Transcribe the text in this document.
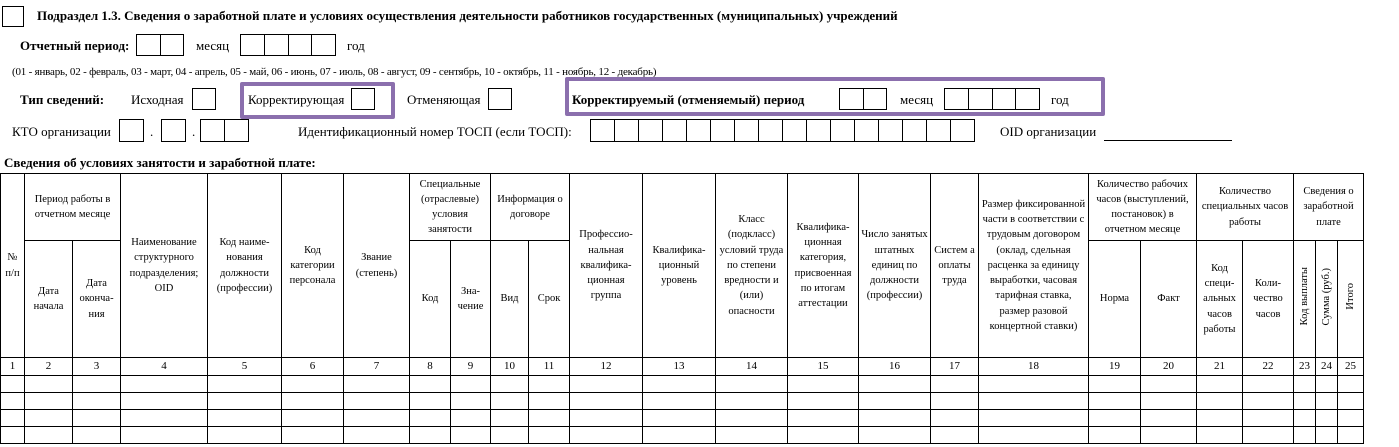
Подраздел 1.3. Сведения о заработной плате и условиях осуществления деятельности работников государственных (муниципальных) учреждений
Отчетный период:	месяц	год
(01 - январь, 02 - февраль, 03 - март, 04 - апрель, 05 - май, 06 - июнь, 07 - июль, 08 - август, 09 - сентябрь, 10 - октябрь, 11 - ноябрь, 12 - декабрь)
Тип сведений: Исходная	Корректирующая	Отменяющая	Корректируемый (отменяемый) период	месяц	год
КТО организации	.	.	Идентификационный номер ТОСП (если ТОСП):	OID организации
Сведения об условиях занятости и заработной плате:
№ п/п	Период работы в отчетном месяце		Наименование структурного подразделения; OID	Код наиме-нования должности (профессии)	Код категории персонала	Звание (степень)	Специальные (отраслевые) условия занятости		Информация о договоре		Профессио-нальная квалифика-ционная группа	Квалифика-ционный уровень	Класс (подкласс) условий труда по степени вредности и (или) опасности	Квалифика-ционная категория, присвоенная по итогам аттестации	Число занятых штатных единиц по должности (профессии)	Систем а оплаты труда	Размер фиксированной части в соответствии с трудовым договором (оклад, сдельная расценка за единицу выработки, часовая тарифная ставка, размер разовой концертной ставки)	Количество рабочих часов (выступлений, постановок) в отчетном месяце		Количество специальных часов работы		Сведения о заработной плате		
	Дата начала	Дата оконча-ния					Код	Зна-чение	Вид	Срок								Норма	Факт	Код специ-альных часов работы	Коли-чество часов	Код выплаты	Сумма (руб.)	Итого
1	2	3	4	5	6	7	8	9	10	11	12	13	14	15	16	17	18	19	20	21	22	23	24	25
